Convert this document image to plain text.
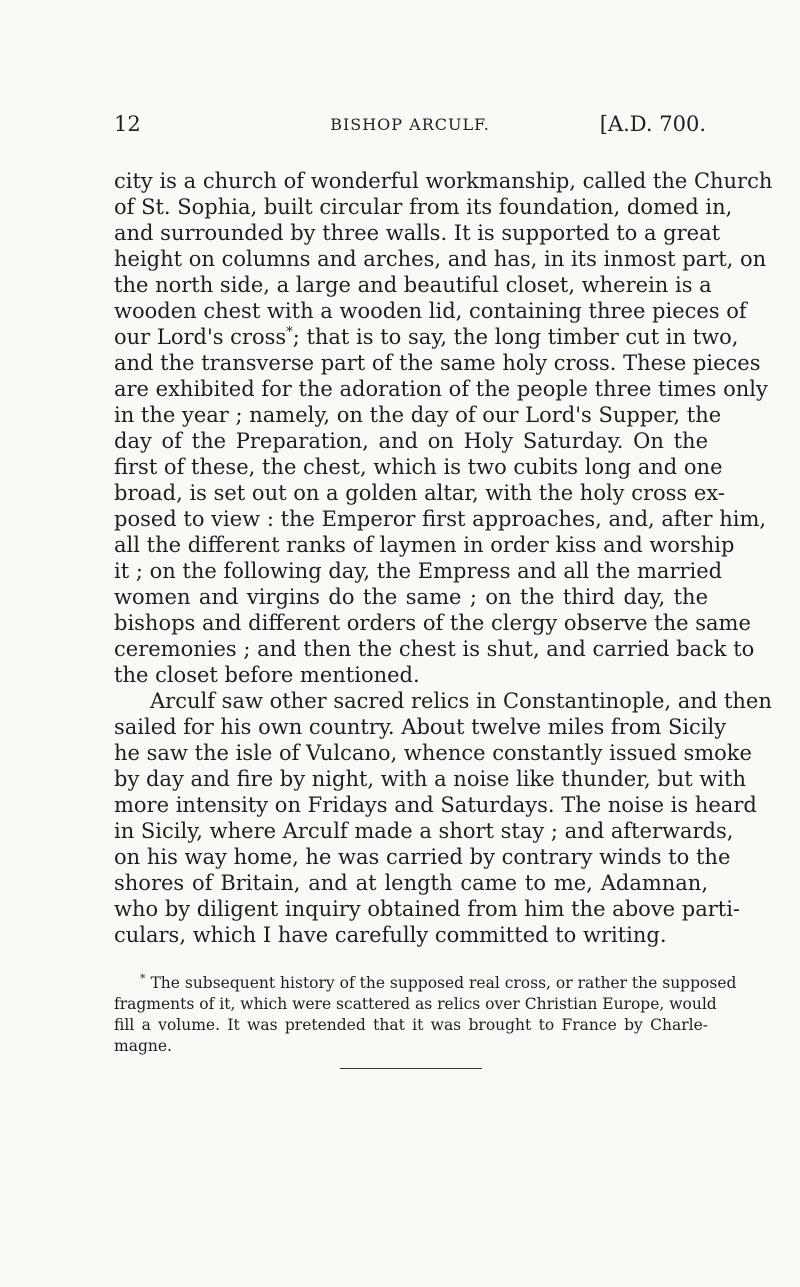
12	BISHOP ARCULF.	[A.D. 700.
city is a church of wonderful workmanship, called the Church
of St. Sophia, built circular from its foundation, domed in,
and surrounded by three walls. It is supported to a great
height on columns and arches, and has, in its inmost part, on
the north side, a large and beautiful closet, wherein is a
wooden chest with a wooden lid, containing three pieces of
our Lord's cross*; that is to say, the long timber cut in two,
and the transverse part of the same holy cross. These pieces
are exhibited for the adoration of the people three times only
in the year ; namely, on the day of our Lord's Supper, the
day of the Preparation, and on Holy Saturday. On the
first of these, the chest, which is two cubits long and one
broad, is set out on a golden altar, with the holy cross ex-
posed to view : the Emperor first approaches, and, after him,
all the different ranks of laymen in order kiss and worship
it ; on the following day, the Empress and all the married
women and virgins do the same ; on the third day, the
bishops and different orders of the clergy observe the same
ceremonies ; and then the chest is shut, and carried back to
the closet before mentioned.
Arculf saw other sacred relics in Constantinople, and then
sailed for his own country. About twelve miles from Sicily
he saw the isle of Vulcano, whence constantly issued smoke
by day and fire by night, with a noise like thunder, but with
more intensity on Fridays and Saturdays. The noise is heard
in Sicily, where Arculf made a short stay ; and afterwards,
on his way home, he was carried by contrary winds to the
shores of Britain, and at length came to me, Adamnan,
who by diligent inquiry obtained from him the above parti-
culars, which I have carefully committed to writing.
* The subsequent history of the supposed real cross, or rather the supposed
fragments of it, which were scattered as relics over Christian Europe, would
fill a volume. It was pretended that it was brought to France by Charle-
magne.
